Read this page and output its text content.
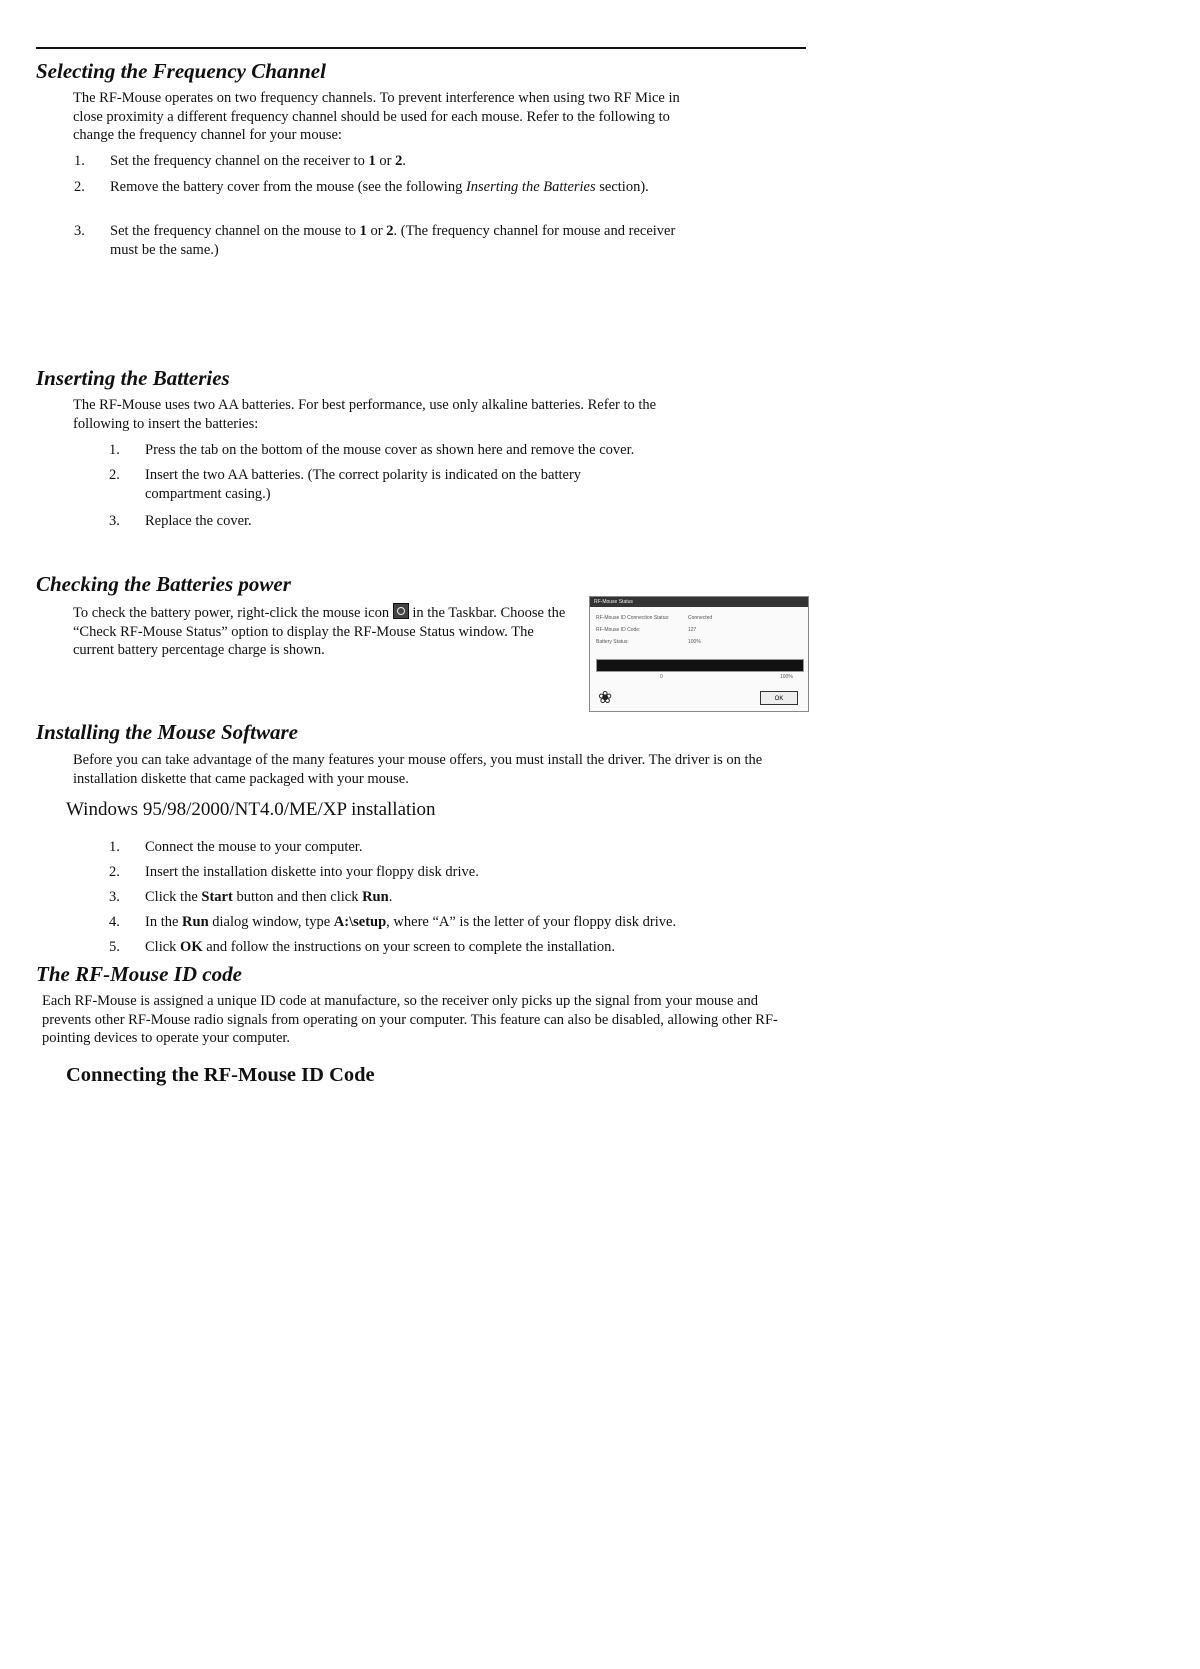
Selecting the Frequency Channel

The RF-Mouse operates on two frequency channels. To prevent interference when using two RF Mice in close proximity a different frequency channel should be used for each mouse. Refer to the following to change the frequency channel for your mouse:

1. Set the frequency channel on the receiver to 1 or 2.
2. Remove the battery cover from the mouse (see the following Inserting the Batteries section).
3. Set the frequency channel on the mouse to 1 or 2. (The frequency channel for mouse and receiver must be the same.)
Inserting the Batteries

The RF-Mouse uses two AA batteries. For best performance, use only alkaline batteries. Refer to the following to insert the batteries:

1. Press the tab on the bottom of the mouse cover as shown here and remove the cover.
2. Insert the two AA batteries. (The correct polarity is indicated on the battery compartment casing.)
3. Replace the cover.
Checking the Batteries power

To check the battery power, right-click the mouse icon  in the Taskbar. Choose the “Check RF-Mouse Status” option to display the RF-Mouse Status window. The current battery percentage charge is shown.

RF-Mouse Status
RF-Mouse ID Connection Status:	Connected
RF-Mouse ID Code:	127
Battery Status:	100%
0	100%
❀	OK
Installing the Mouse Software

Before you can take advantage of the many features your mouse offers, you must install the driver. The driver is on the installation diskette that came packaged with your mouse.

Windows 95/98/2000/NT4.0/ME/XP installation
1. Connect the mouse to your computer.
2. Insert the installation diskette into your floppy disk drive.
3. Click the Start button and then click Run.
4. In the Run dialog window, type A:\setup, where “A” is the letter of your floppy disk drive.
5. Click OK and follow the instructions on your screen to complete the installation.
The RF-Mouse ID code

Each RF-Mouse is assigned a unique ID code at manufacture, so the receiver only picks up the signal from your mouse and prevents other RF-Mouse radio signals from operating on your computer. This feature can also be disabled, allowing other RF-pointing devices to operate your computer.

Connecting the RF-Mouse ID Code
